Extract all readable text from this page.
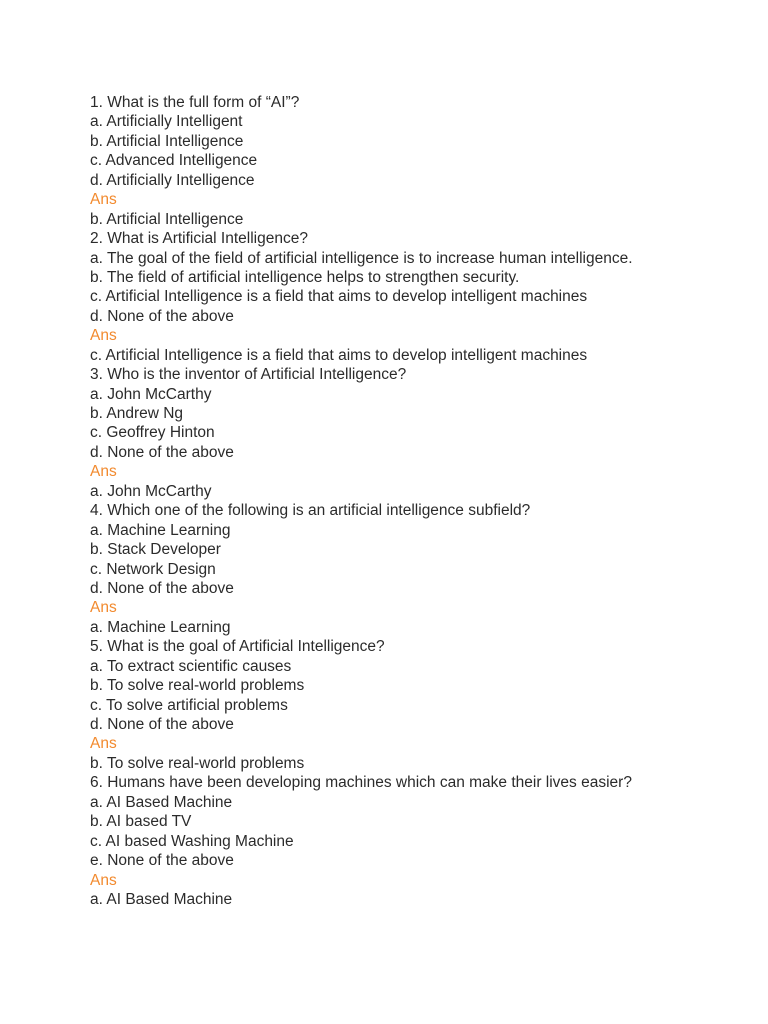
1. What is the full form of “AI”?
a. Artificially Intelligent
b. Artificial Intelligence
c. Advanced Intelligence
d. Artificially Intelligence
Ans
b. Artificial Intelligence
2. What is Artificial Intelligence?
a. The goal of the field of artificial intelligence is to increase human intelligence.
b. The field of artificial intelligence helps to strengthen security.
c. Artificial Intelligence is a field that aims to develop intelligent machines
d. None of the above
Ans
c. Artificial Intelligence is a field that aims to develop intelligent machines
3. Who is the inventor of Artificial Intelligence?
a. John McCarthy
b. Andrew Ng
c. Geoffrey Hinton
d. None of the above
Ans
a. John McCarthy
4. Which one of the following is an artificial intelligence subfield?
a. Machine Learning
b. Stack Developer
c. Network Design
d. None of the above
Ans
a. Machine Learning
5. What is the goal of Artificial Intelligence?
a. To extract scientific causes
b. To solve real-world problems
c. To solve artificial problems
d. None of the above
Ans
b. To solve real-world problems
6. Humans have been developing machines which can make their lives easier?
a. AI Based Machine
b. AI based TV
c. AI based Washing Machine
e. None of the above
Ans
a. AI Based Machine
